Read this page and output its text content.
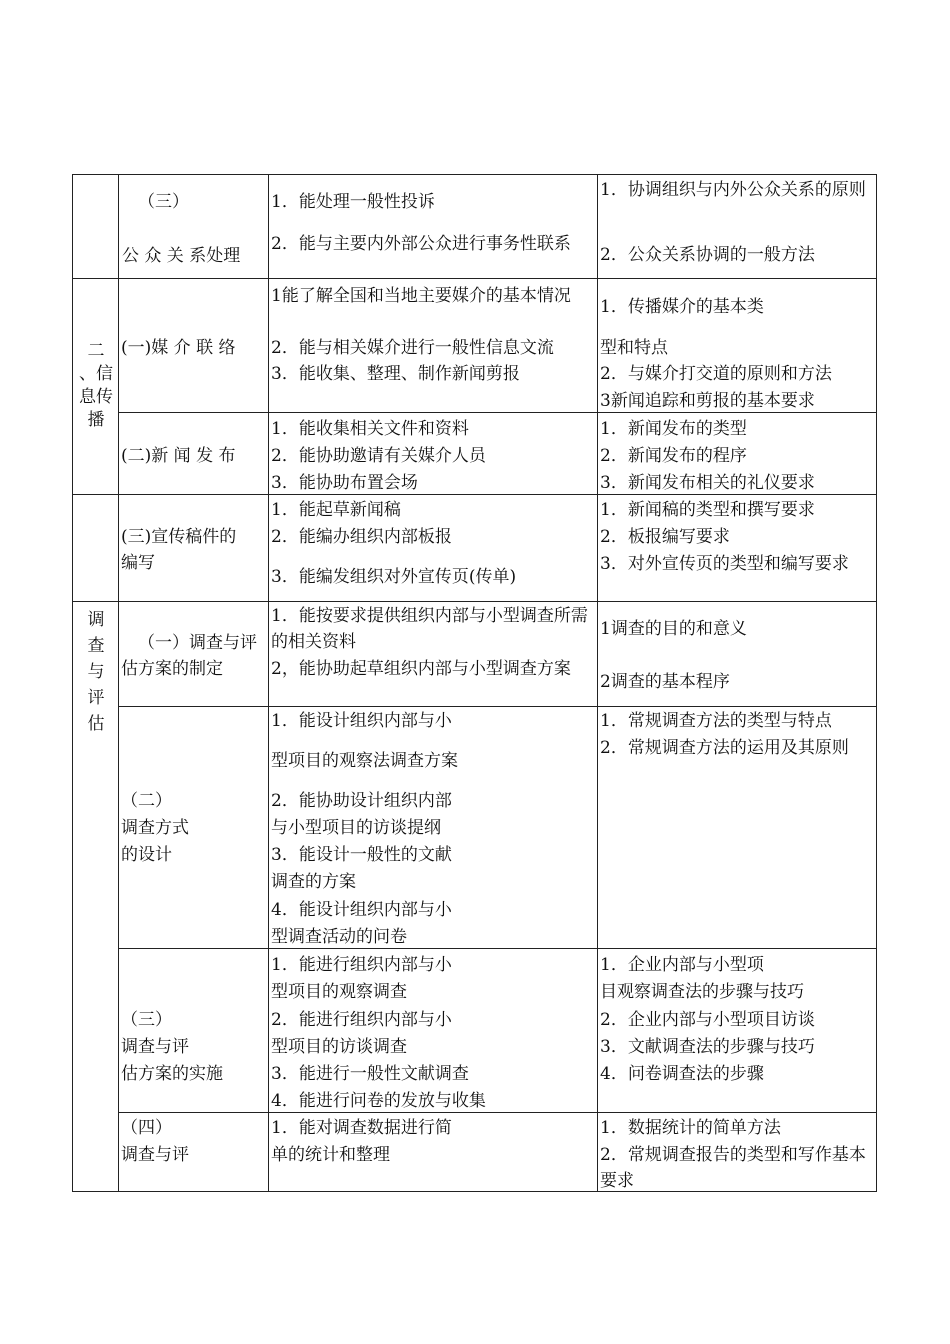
二
、信
息传
播
调
查
与
评
估
（三）
公 众 关 系处理
1．能处理一般性投诉
2．能与主要内外部公众进行事务性联系
1．协调组织与内外公众关系的原则
2．公众关系协调的一般方法
(一)媒 介 联 络
1能了解全国和当地主要媒介的基本情况
2．能与相关媒介进行一般性信息文流
3．能收集、整理、制作新闻剪报
1．传播媒介的基本类
型和特点
2．与媒介打交道的原则和方法
3新闻追踪和剪报的基本要求
(二)新 闻 发 布
1．能收集相关文件和资料
2．能协助邀请有关媒介人员
3．能协助布置会场
1．新闻发布的类型
2．新闻发布的程序
3．新闻发布相关的礼仪要求
(三)宣传稿件的
编写
1．能起草新闻稿
2．能编办组织内部板报
3．能编发组织对外宣传页(传单)
1．新闻稿的类型和撰写要求
2．板报编写要求
3．对外宣传页的类型和编写要求
（一）调查与评
估方案的制定
1．能按要求提供组织内部与小型调查所需的相关资料
2，能协助起草组织内部与小型调查方案
1调查的目的和意义
2调查的基本程序
（二）
调查方式
的设计
1．能设计组织内部与小
型项目的观察法调查方案
2．能协助设计组织内部
与小型项目的访谈提纲
3．能设计一般性的文献
调查的方案
4．能设计组织内部与小
型调查活动的问卷
1．常规调查方法的类型与特点
2．常规调查方法的运用及其原则
（三）
调查与评
估方案的实施
1．能进行组织内部与小
型项目的观察调查
2．能进行组织内部与小
型项目的访谈调查
3．能进行一般性文献调查
4．能进行问卷的发放与收集
1．企业内部与小型项
目观察调查法的步骤与技巧
2．企业内部与小型项目访谈
3．文献调查法的步骤与技巧
4．问卷调查法的步骤
（四）
调查与评
1．能对调查数据进行简
单的统计和整理
1．数据统计的简单方法
2．常规调查报告的类型和写作基本要求
